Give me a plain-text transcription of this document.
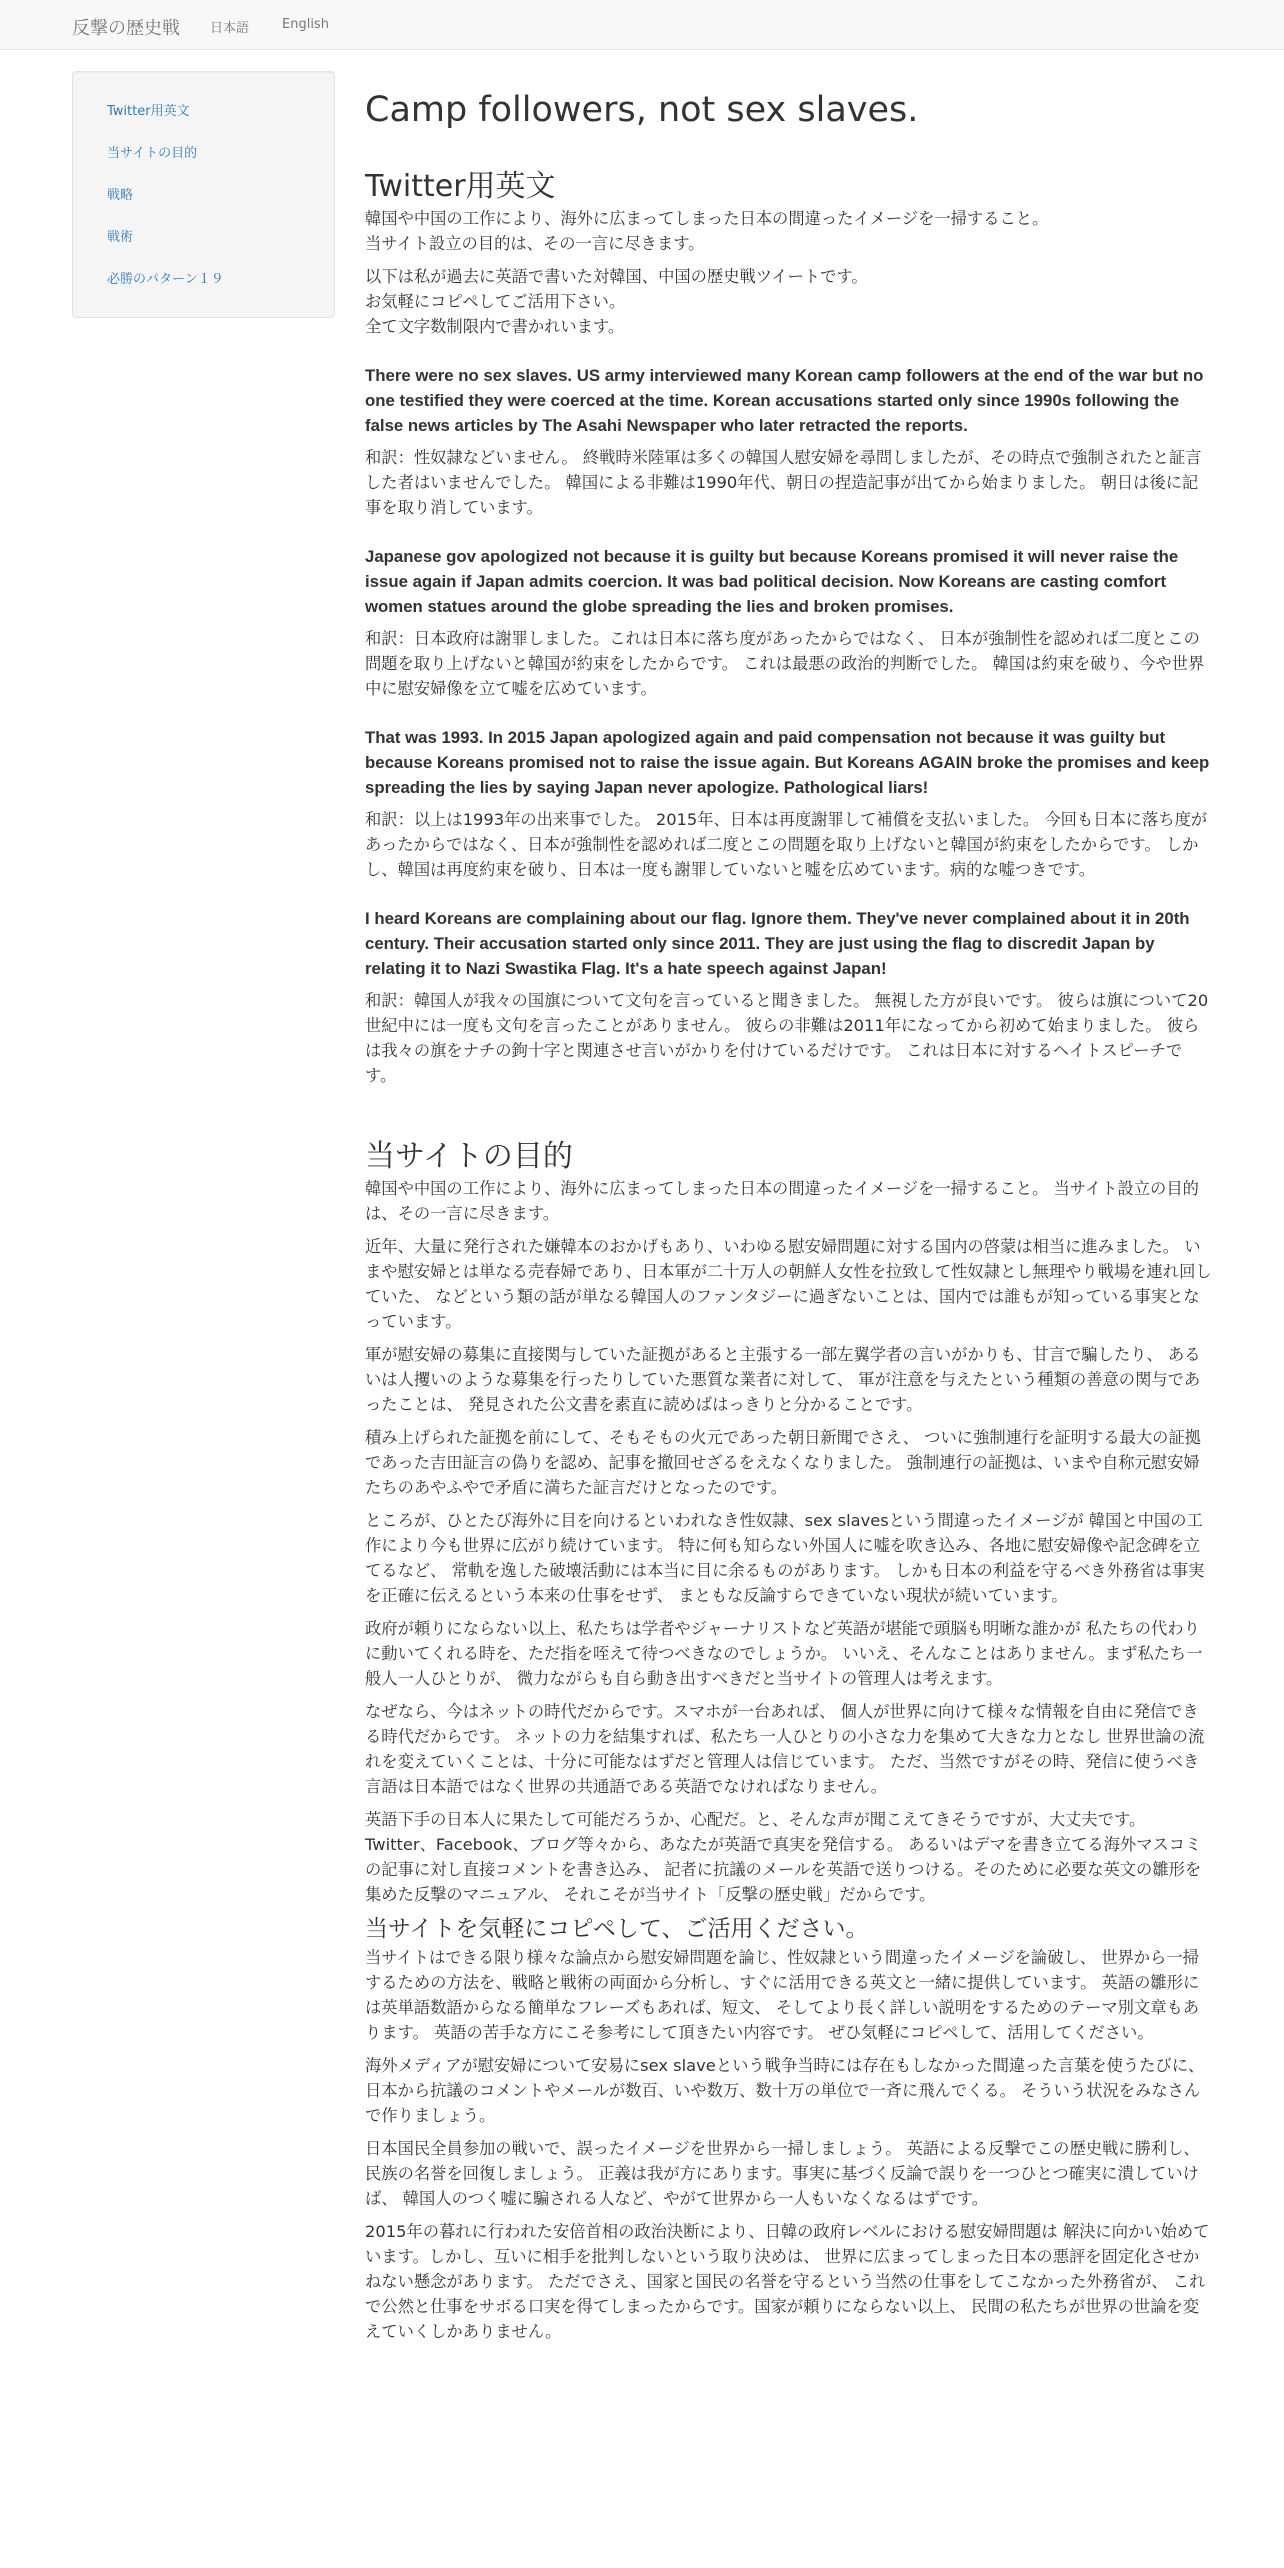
反撃の歴史戦 日本語	English
Twitter用英文
当サイトの目的
戦略
戦術
必勝のパターン１９
Camp followers, not sex slaves.
Twitter用英文

韓国や中国の工作により、海外に広まってしまった日本の間違ったイメージを一掃すること。
当サイト設立の目的は、その一言に尽きます。

以下は私が過去に英語で書いた対韓国、中国の歴史戦ツイートです。
お気軽にコピペしてご活用下さい。
全て文字数制限内で書かれいます。

There were no sex slaves. US army interviewed many Korean camp followers at the end of the war but no one testified they were coerced at the time. Korean accusations started only since 1990s following the false news articles by The Asahi Newspaper who later retracted the reports.

和訳：性奴隷などいません。 終戦時米陸軍は多くの韓国人慰安婦を尋問しましたが、その時点で強制されたと証言した者はいませんでした。 韓国による非難は1990年代、朝日の捏造記事が出てから始まりました。 朝日は後に記事を取り消しています。

Japanese gov apologized not because it is guilty but because Koreans promised it will never raise the issue again if Japan admits coercion. It was bad political decision. Now Koreans are casting comfort women statues around the globe spreading the lies and broken promises.

和訳：日本政府は謝罪しました。これは日本に落ち度があったからではなく、 日本が強制性を認めれば二度とこの問題を取り上げないと韓国が約束をしたからです。 これは最悪の政治的判断でした。 韓国は約束を破り、今や世界中に慰安婦像を立て嘘を広めています。

That was 1993. In 2015 Japan apologized again and paid compensation not because it was guilty but because Koreans promised not to raise the issue again. But Koreans AGAIN broke the promises and keep spreading the lies by saying Japan never apologize. Pathological liars!

和訳：以上は1993年の出来事でした。 2015年、日本は再度謝罪して補償を支払いました。 今回も日本に落ち度があったからではなく、日本が強制性を認めれば二度とこの問題を取り上げないと韓国が約束をしたからです。 しかし、韓国は再度約束を破り、日本は一度も謝罪していないと嘘を広めています。病的な嘘つきです。

I heard Koreans are complaining about our flag. Ignore them. They've never complained about it in 20th century. Their accusation started only since 2011. They are just using the flag to discredit Japan by relating it to Nazi Swastika Flag. It's a hate speech against Japan!

和訳：韓国人が我々の国旗について文句を言っていると聞きました。 無視した方が良いです。 彼らは旗について20世紀中には一度も文句を言ったことがありません。 彼らの非難は2011年になってから初めて始まりました。 彼らは我々の旗をナチの鉤十字と関連させ言いがかりを付けているだけです。 これは日本に対するヘイトスピーチです。

当サイトの目的

韓国や中国の工作により、海外に広まってしまった日本の間違ったイメージを一掃すること。 当サイト設立の目的は、その一言に尽きます。

近年、大量に発行された嫌韓本のおかげもあり、いわゆる慰安婦問題に対する国内の啓蒙は相当に進みました。 いまや慰安婦とは単なる売春婦であり、日本軍が二十万人の朝鮮人女性を拉致して性奴隷とし無理やり戦場を連れ回していた、 などという類の話が単なる韓国人のファンタジーに過ぎないことは、国内では誰もが知っている事実となっています。

軍が慰安婦の募集に直接関与していた証拠があると主張する一部左翼学者の言いがかりも、甘言で騙したり、 あるいは人攫いのような募集を行ったりしていた悪質な業者に対して、 軍が注意を与えたという種類の善意の関与であったことは、 発見された公文書を素直に読めばはっきりと分かることです。

積み上げられた証拠を前にして、そもそもの火元であった朝日新聞でさえ、 ついに強制連行を証明する最大の証拠であった吉田証言の偽りを認め、記事を撤回せざるをえなくなりました。 強制連行の証拠は、いまや自称元慰安婦たちのあやふやで矛盾に満ちた証言だけとなったのです。

ところが、ひとたび海外に目を向けるといわれなき性奴隷、sex slavesという間違ったイメージが 韓国と中国の工作により今も世界に広がり続けています。 特に何も知らない外国人に嘘を吹き込み、各地に慰安婦像や記念碑を立てるなど、 常軌を逸した破壊活動には本当に目に余るものがあります。 しかも日本の利益を守るべき外務省は事実を正確に伝えるという本来の仕事をせず、 まともな反論すらできていない現状が続いています。

政府が頼りにならない以上、私たちは学者やジャーナリストなど英語が堪能で頭脳も明晰な誰かが 私たちの代わりに動いてくれる時を、ただ指を咥えて待つべきなのでしょうか。 いいえ、そんなことはありません。まず私たち一般人一人ひとりが、 微力ながらも自ら動き出すべきだと当サイトの管理人は考えます。

なぜなら、今はネットの時代だからです。スマホが一台あれば、 個人が世界に向けて様々な情報を自由に発信できる時代だからです。 ネットの力を結集すれば、私たち一人ひとりの小さな力を集めて大きな力となし 世界世論の流れを変えていくことは、十分に可能なはずだと管理人は信じています。 ただ、当然ですがその時、発信に使うべき言語は日本語ではなく世界の共通語である英語でなければなりません。

英語下手の日本人に果たして可能だろうか、心配だ。と、そんな声が聞こえてきそうですが、大丈夫です。 Twitter、Facebook、ブログ等々から、あなたが英語で真実を発信する。 あるいはデマを書き立てる海外マスコミの記事に対し直接コメントを書き込み、 記者に抗議のメールを英語で送りつける。そのために必要な英文の雛形を集めた反撃のマニュアル、 それこそが当サイト「反撃の歴史戦」だからです。

当サイトを気軽にコピペして、ご活用ください。

当サイトはできる限り様々な論点から慰安婦問題を論じ、性奴隷という間違ったイメージを論破し、 世界から一掃するための方法を、戦略と戦術の両面から分析し、すぐに活用できる英文と一緒に提供しています。 英語の雛形には英単語数語からなる簡単なフレーズもあれば、短文、 そしてより長く詳しい説明をするためのテーマ別文章もあります。 英語の苦手な方にこそ参考にして頂きたい内容です。 ぜひ気軽にコピペして、活用してください。

海外メディアが慰安婦について安易にsex slaveという戦争当時には存在もしなかった間違った言葉を使うたびに、 日本から抗議のコメントやメールが数百、いや数万、数十万の単位で一斉に飛んでくる。 そういう状況をみなさんで作りましょう。

日本国民全員参加の戦いで、誤ったイメージを世界から一掃しましょう。 英語による反撃でこの歴史戦に勝利し、民族の名誉を回復しましょう。 正義は我が方にあります。事実に基づく反論で誤りを一つひとつ確実に潰していけば、 韓国人のつく嘘に騙される人など、やがて世界から一人もいなくなるはずです。

2015年の暮れに行われた安倍首相の政治決断により、日韓の政府レベルにおける慰安婦問題は 解決に向かい始めています。しかし、互いに相手を批判しないという取り決めは、 世界に広まってしまった日本の悪評を固定化させかねない懸念があります。 ただでさえ、国家と国民の名誉を守るという当然の仕事をしてこなかった外務省が、 これで公然と仕事をサボる口実を得てしまったからです。国家が頼りにならない以上、 民間の私たちが世界の世論を変えていくしかありません。
